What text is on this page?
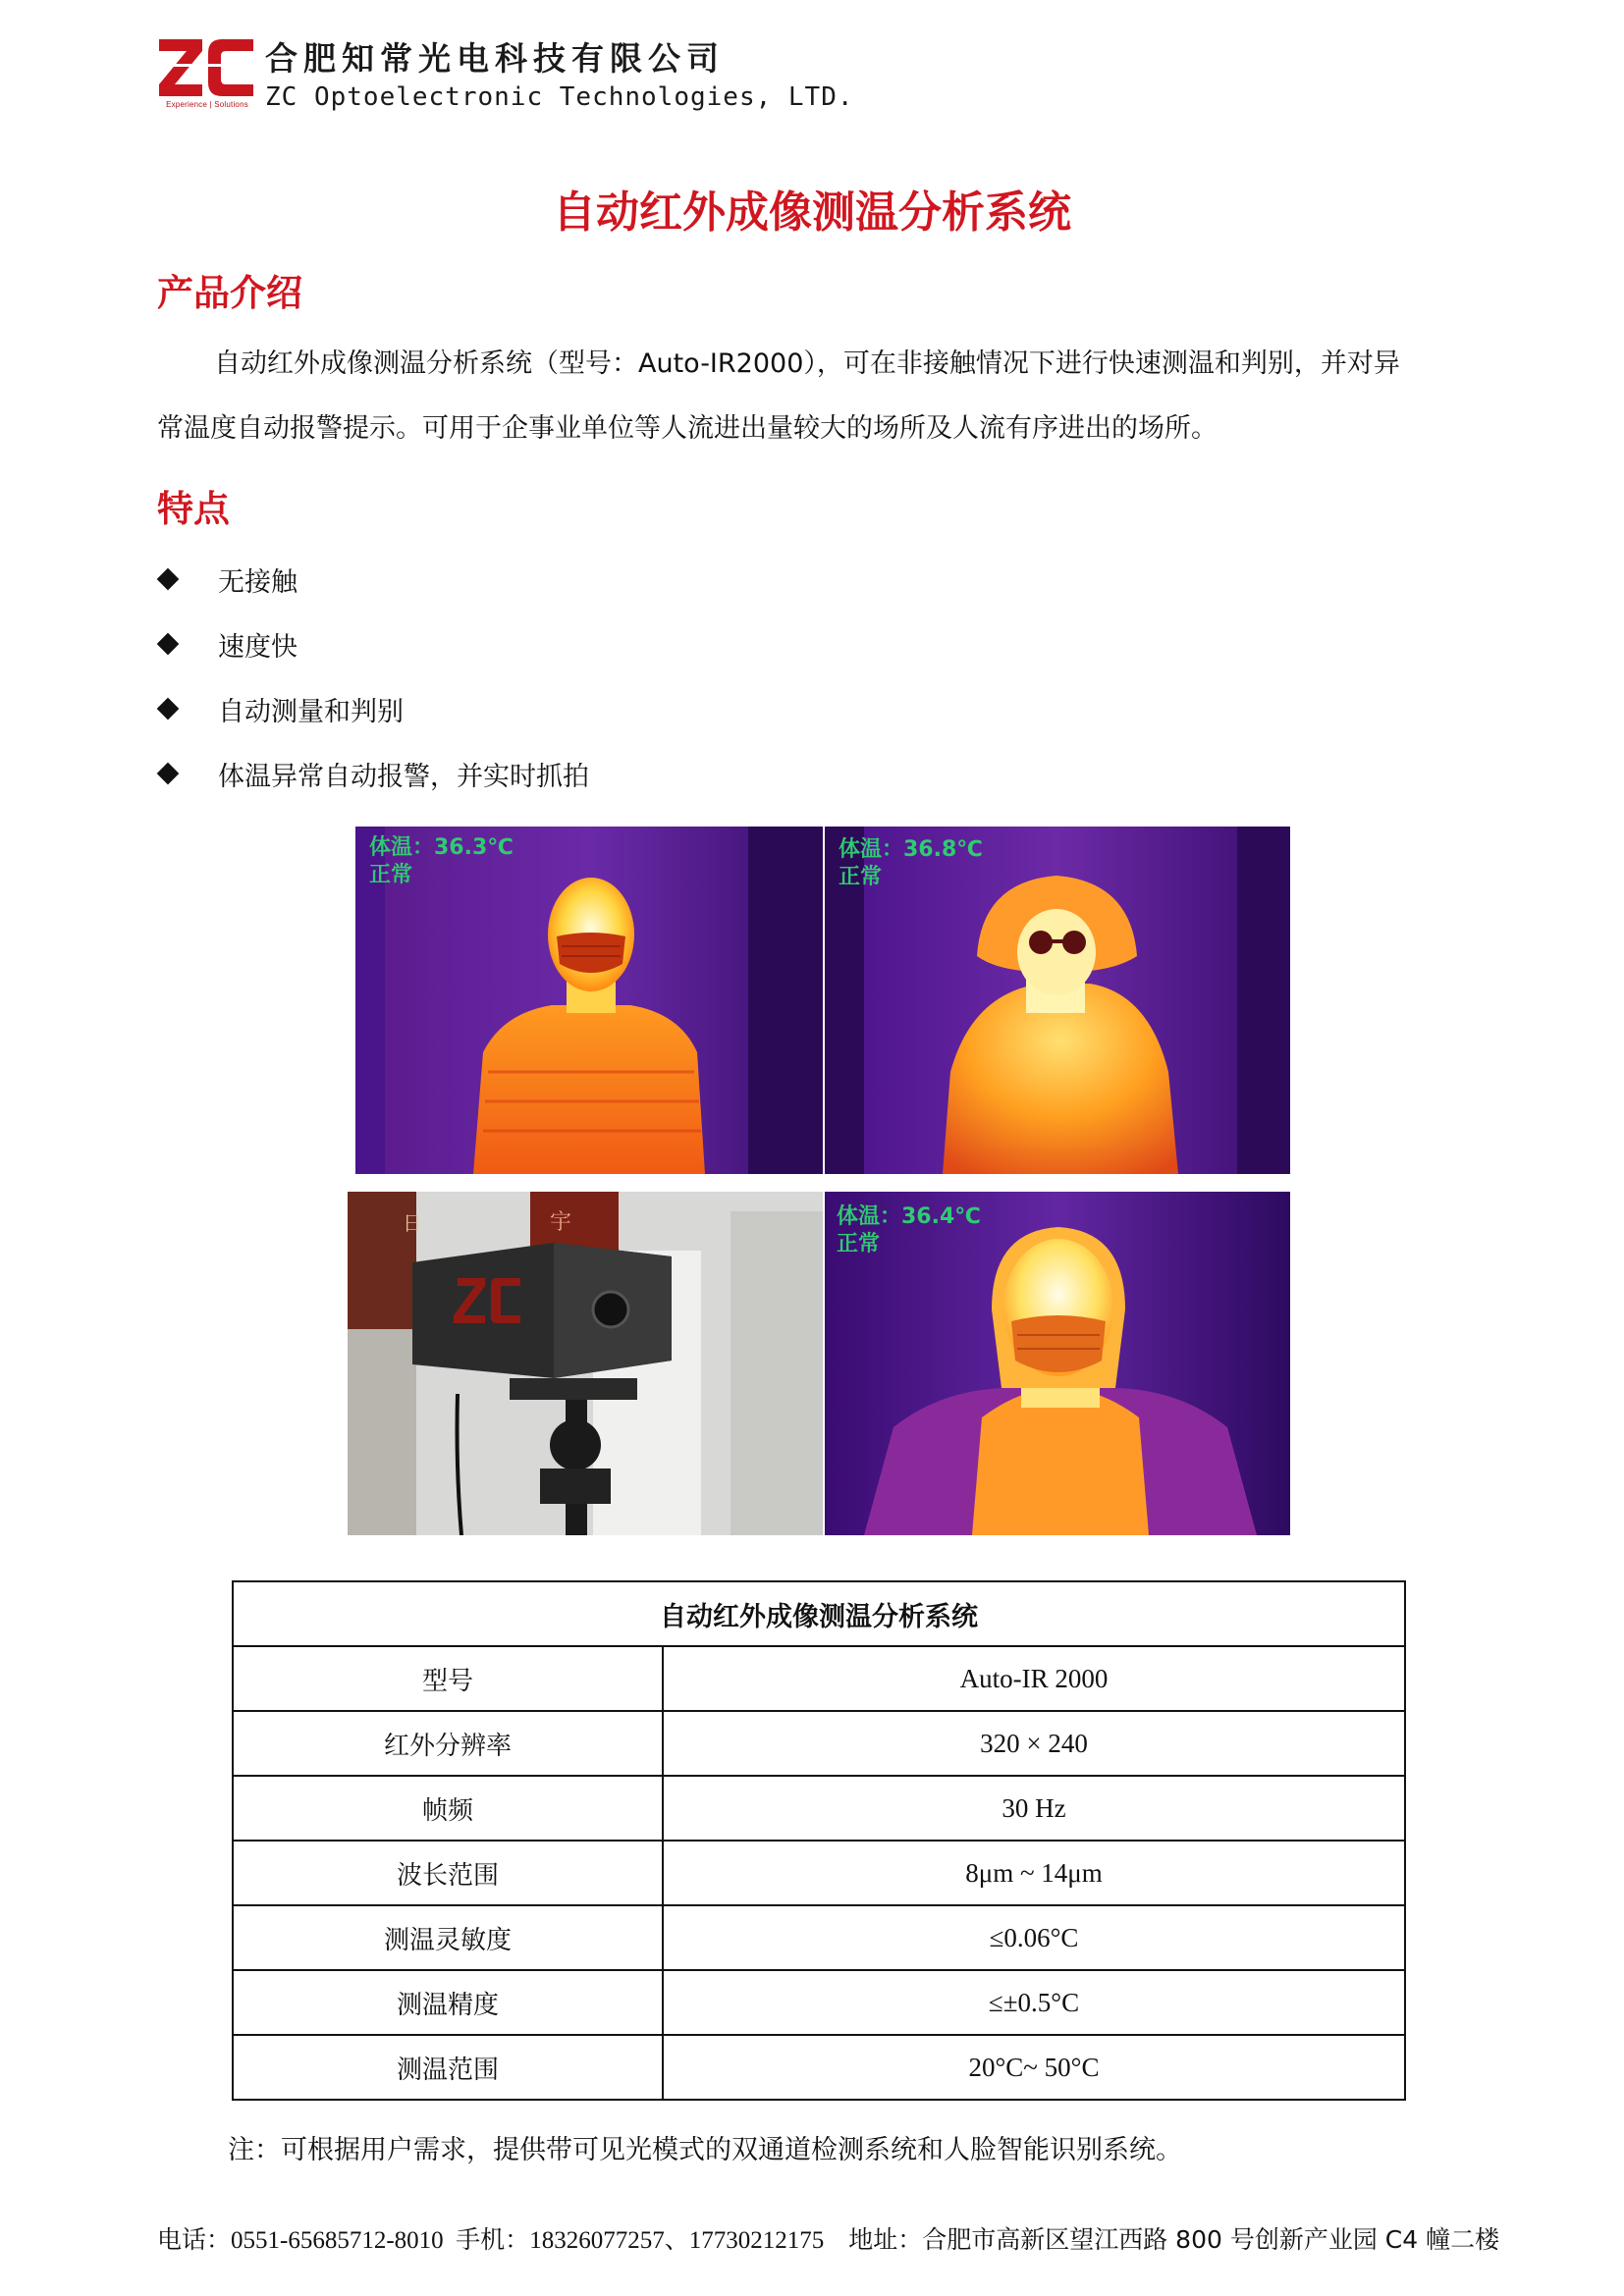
Experience | Solutions
合肥知常光电科技有限公司
ZC Optoelectronic Technologies, LTD.
自动红外成像测温分析系统
产品介绍
自动红外成像测温分析系统（型号：Auto-IR2000），可在非接触情况下进行快速测温和判别，并对异
常温度自动报警提示。可用于企事业单位等人流进出量较大的场所及人流有序进出的场所。
特点
无接触
速度快
自动测量和判别
体温异常自动报警，并实时抓拍
体温：36.3℃
正常
体温：36.8℃
正常
日	宇	体温：36.4℃
正常
自动红外成像测温分析系统	
型号	Auto-IR 2000
红外分辨率	320 × 240
帧频	30 Hz
波长范围	8μm ~ 14μm
测温灵敏度	≤0.06°C
测温精度	≤±0.5°C
测温范围	20°C~ 50°C
注：可根据用户需求，提供带可见光模式的双通道检测系统和人脸智能识别系统。
电话：0551-65685712-8010 手机：18326077257、17730212175 地址：合肥市高新区望江西路 800 号创新产业园 C4 幢二楼
